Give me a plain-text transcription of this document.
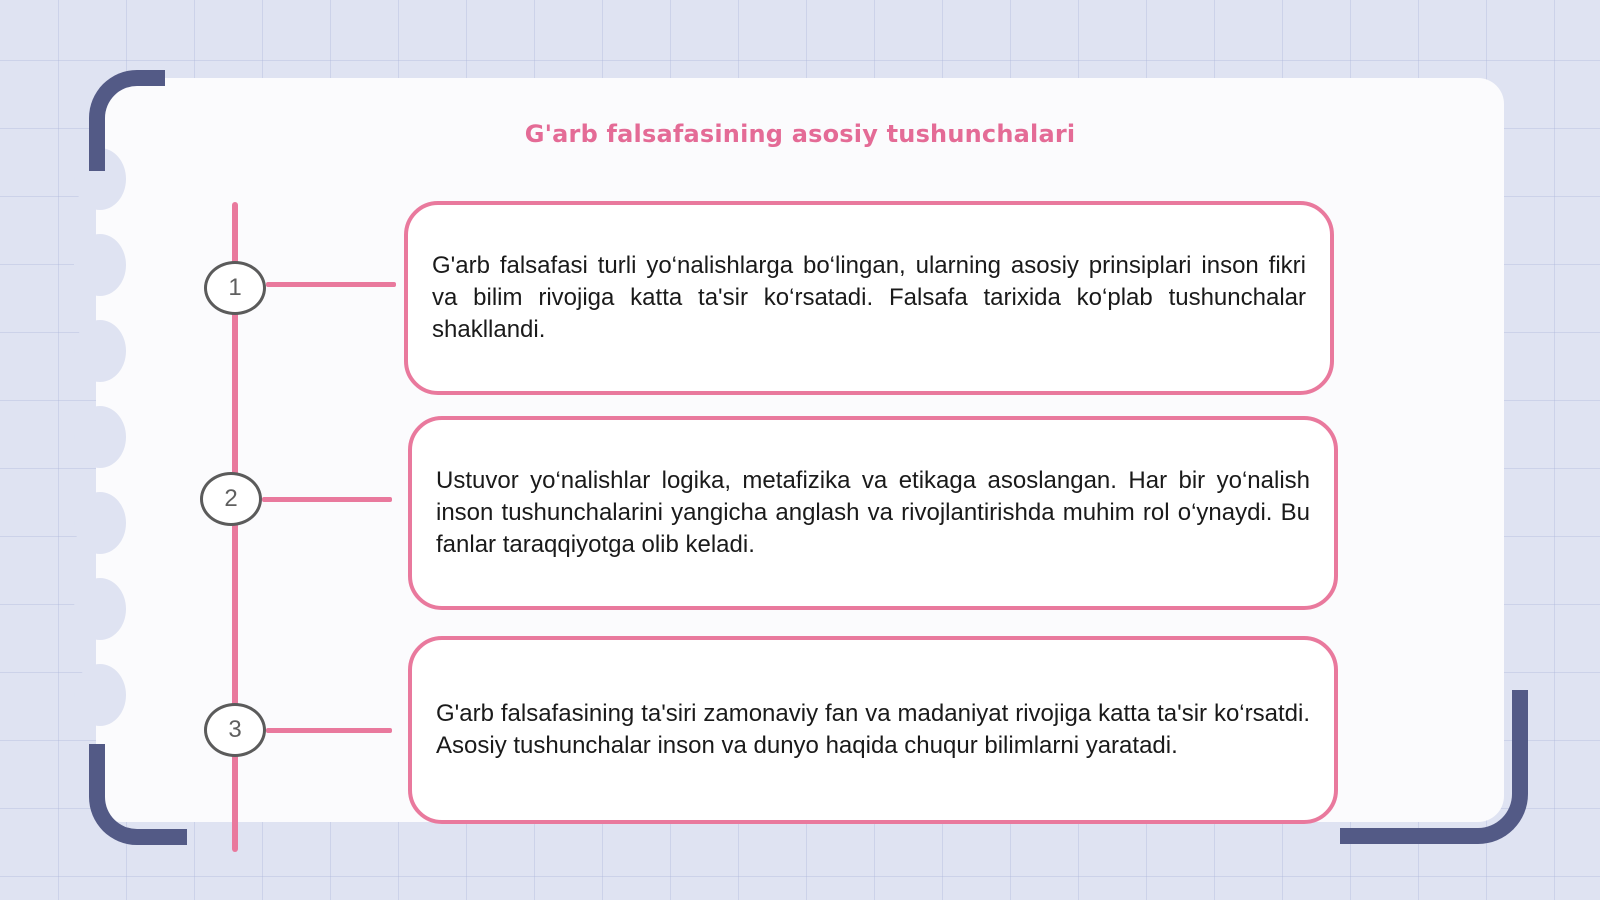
G'arb falsafasining asosiy tushunchalari
1

G'arb falsafasi turli yo‘nalishlarga bo‘lingan, ularning asosiy prinsiplari inson fikri va bilim rivojiga katta ta'sir ko‘rsatadi. Falsafa tarixida ko‘plab tushunchalar shakllandi.

2

Ustuvor yo‘nalishlar logika, metafizika va etikaga asoslangan. Har bir yo‘nalish inson tushunchalarini yangicha anglash va rivojlantirishda muhim rol o‘ynaydi. Bu fanlar taraqqiyotga olib keladi.

3

G'arb falsafasining ta'siri zamonaviy fan va madaniyat rivojiga katta ta'sir ko‘rsatdi. Asosiy tushunchalar inson va dunyo haqida chuqur bilimlarni yaratadi.
